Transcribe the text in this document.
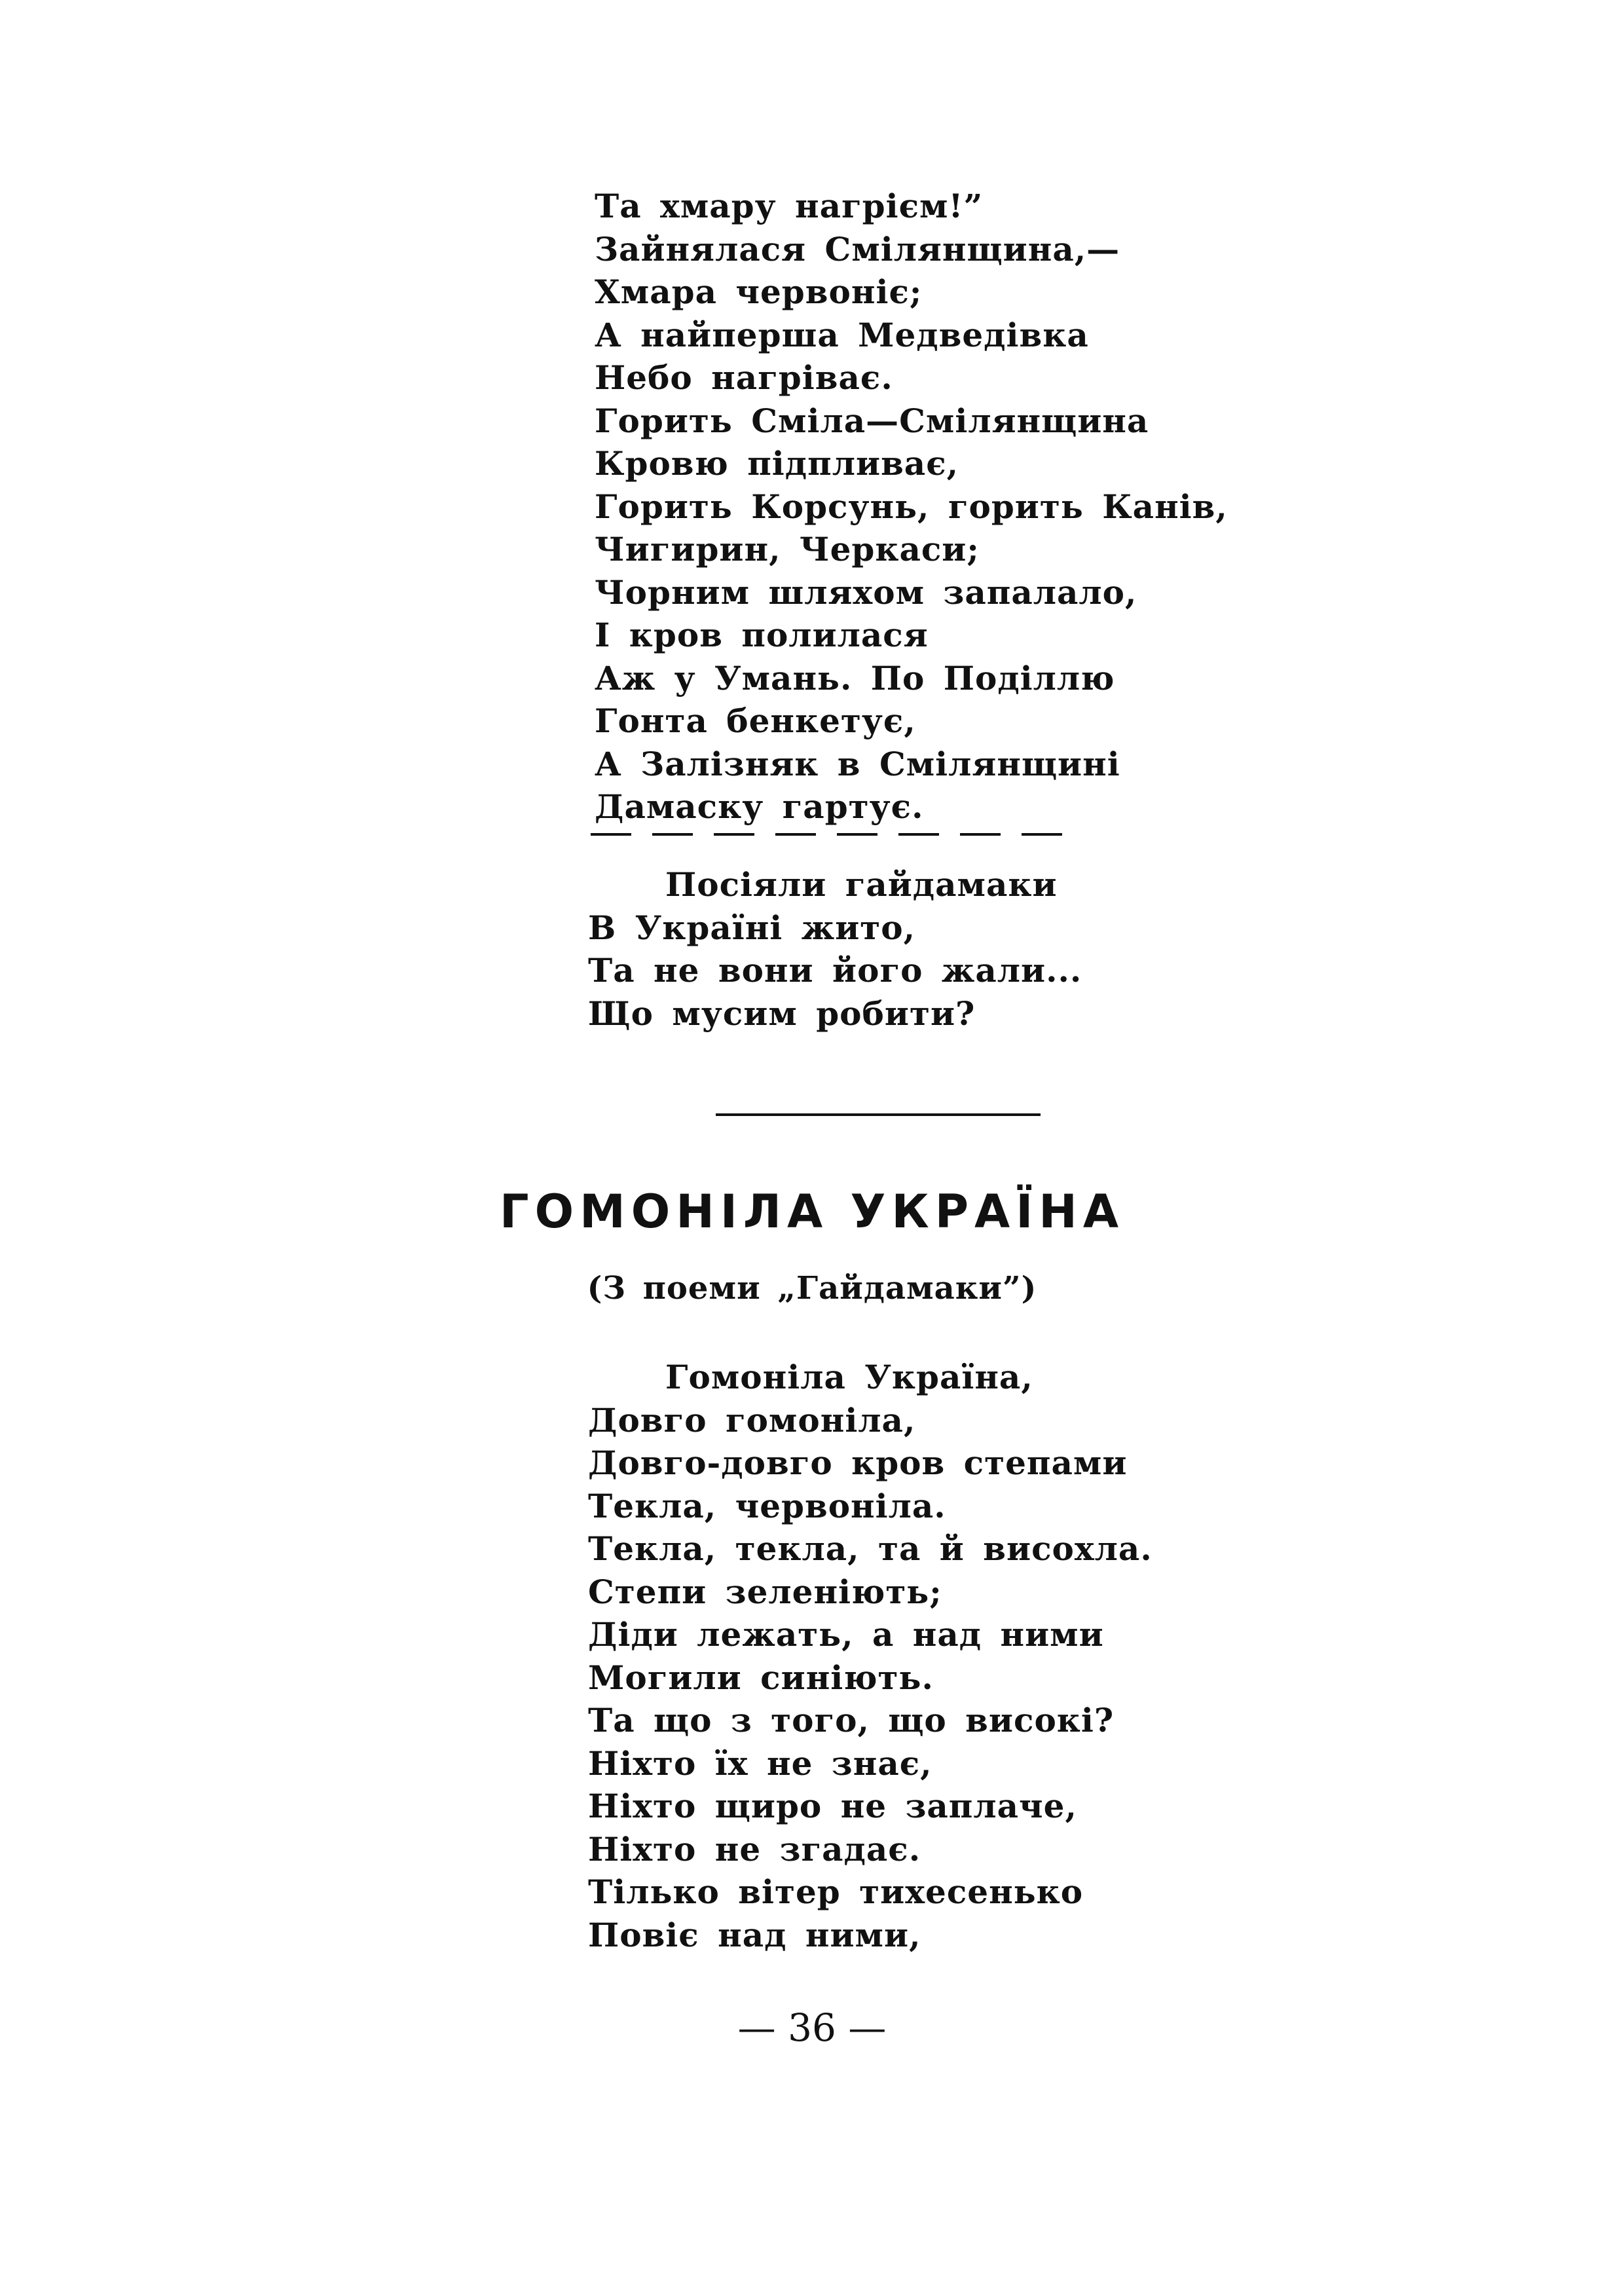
Та хмару нагрієм!”
Зайнялася Смілянщина,—
Хмара червоніє;
А найперша Медведівка
Небо нагріває.
Горить Сміла—Смілянщина
Кровю підпливає,
Горить Корсунь, горить Канів,
Чигирин, Черкаси;
Чорним шляхом запалало,
І кров полилася
Аж у Умань. По Поділлю
Гонта бенкетує,
А Залізняк в Смілянщині
Дамаску гартує.
Посіяли гайдамаки
В Україні жито,
Та не вони його жали...
Що мусим робити?
ГОМОНІЛА УКРАЇНА

(З поеми „Гайдамаки”)

Гомоніла Україна,
Довго гомоніла,
Довго-довго кров степами
Текла, червоніла.
Текла, текла, та й висохла.
Степи зеленіють;
Діди лежать, а над ними
Могили синіють.
Та що з того, що високі?
Ніхто їх не знає,
Ніхто щиро не заплаче,
Ніхто не згадає.
Тілько вітер тихесенько
Повіє над ними,

— 36 —
